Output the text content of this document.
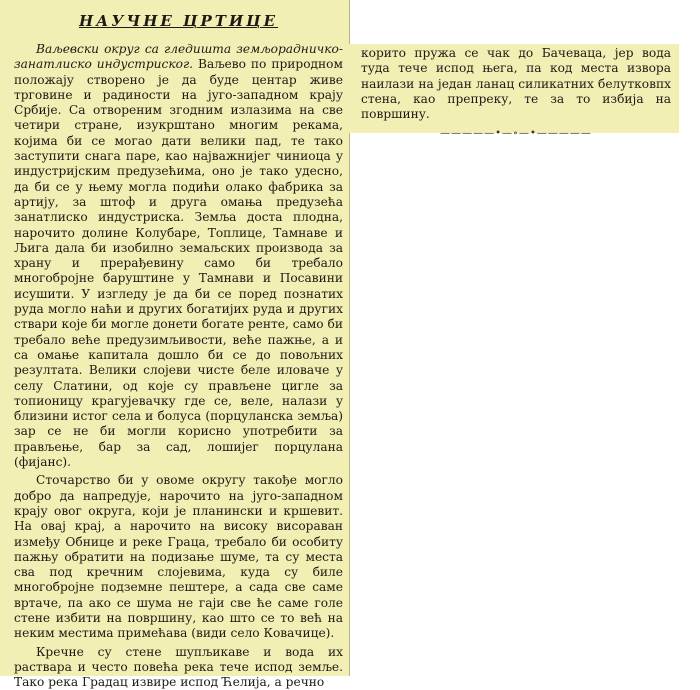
НАУЧНЕ ЦРТИЦЕ

Ваљевски округ са гледишта земљорадничко-занатлиско индустриског. Ваљево по природном положају створено је да буде центар живе трговине и радиности на југо-западном крају Србије. Са отвореним згодним излазима на све четири стране, изукрштано многим рекама, којима би се могао дати велики пад, те тако заступити снага паре, као најважнијег чиниоца у индустријским предузећима, оно је тако удесно, да би се у њему могла подићи олако фабрика за артију, за штоф и друга омања предузећа занатлиско индустриска. Земља доста плодна, нарочито долине Колубаре, Топлице, Тамнаве и Љига дала би изобилно земаљских производа за храну и прерађевину само би требало многобројне баруштине у Тамнави и Посавини исушити. У изгледу је да би се поред познатих руда могло наћи и других богатијих руда и других ствари које би могле донети богате ренте, само би требало веће предузимљивости, веће пажње, а и са омање капитала дошло би се до повољних резултата. Велики слојеви чисте беле иловаче у селу Слатини, од које су прављене цигле за топионицу крагујевачку где се, веле, налази у близини истог села и болуса (порцуланска земља) зар се не би могли корисно употребити за прављење, бар за сад, лошијег порцулана (фијанс).

Сточарство би у овоме округу такође могло добро да напредује, нарочито на југо-западном крају овог округа, који је планински и кршевит. На овај крај, а нарочито на високу висораван између Обнице и реке Граца, требало би особиту пажњу обратити на подизање шуме, та су места сва под кречним слојевима, куда су биле многобројне подземне пештере, а сада све саме вртаче, па ако се шума не гаји све ће саме голе стене избити на површину, као што се то већ на неким местима примећава (види село Ковачице).

Кречне су стене шупљикаве и вода их раствара и често повећа река тече испод земље. Тако река Градац извире испод Ћелија, а речно

корито пружа се чак до Бачеваца, јер вода туда тече испод њега, па код места извора наилази на један ланац силикатних белутковпх стена, као препреку, те за то избија на површину.

—————•—∘—•—————
